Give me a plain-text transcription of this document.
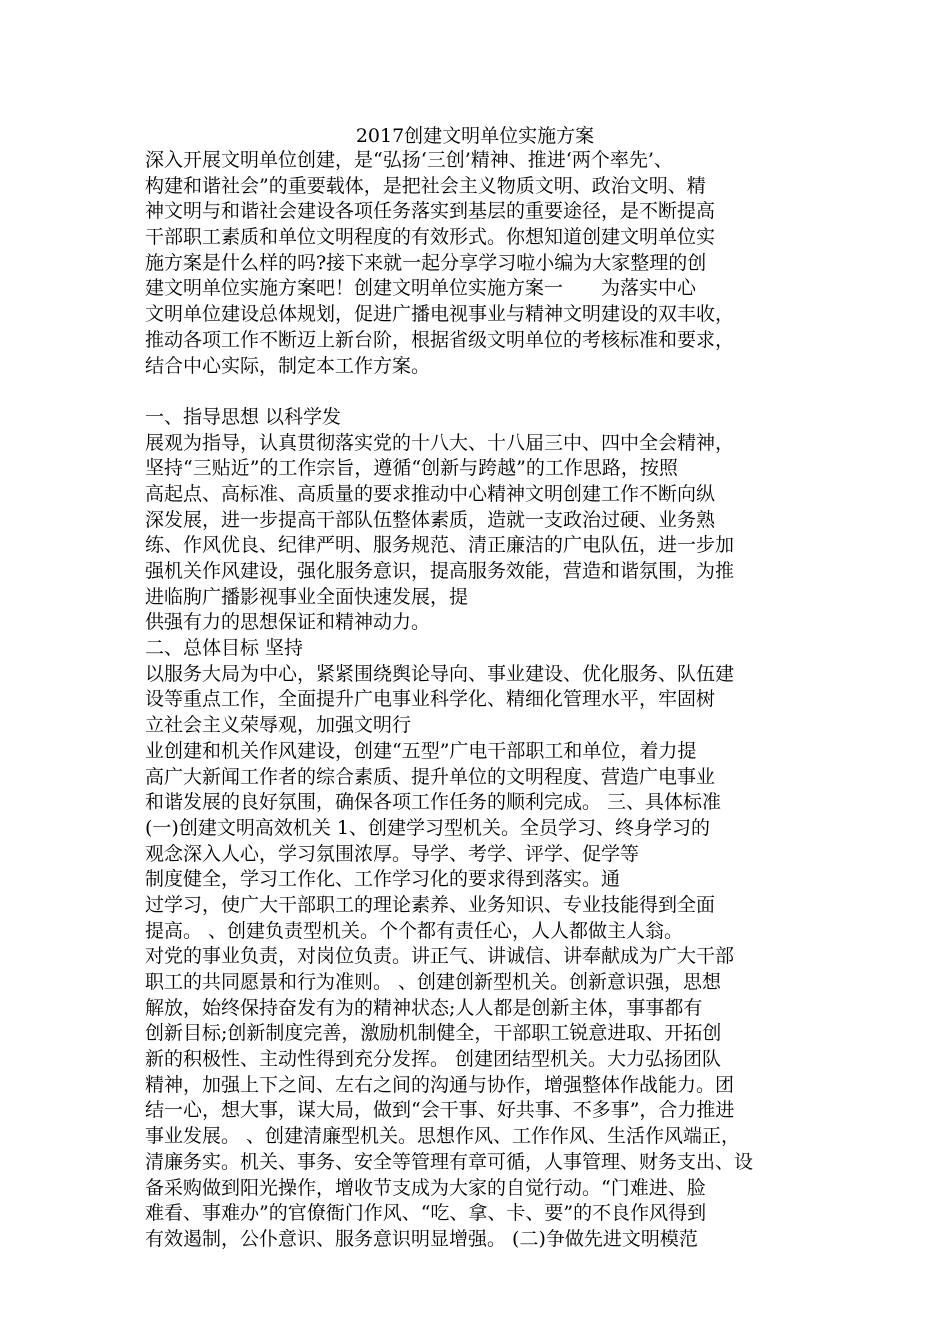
2017创建文明单位实施方案
深入开展文明单位创建，是“弘扬‘三创’精神、推进‘两个率先’、
构建和谐社会”的重要载体，是把社会主义物质文明、政治文明、精
神文明与和谐社会建设各项任务落实到基层的重要途径，是不断提高
干部职工素质和单位文明程度的有效形式。你想知道创建文明单位实
施方案是什么样的吗?接下来就一起分享学习啦小编为大家整理的创
建文明单位实施方案吧！创建文明单位实施方案一　　为落实中心
文明单位建设总体规划，促进广播电视事业与精神文明建设的双丰收，
推动各项工作不断迈上新台阶，根据省级文明单位的考核标准和要求，
结合中心实际，制定本工作方案。
一、指导思想 以科学发
展观为指导，认真贯彻落实党的十八大、十八届三中、四中全会精神，
坚持“三贴近”的工作宗旨，遵循“创新与跨越”的工作思路，按照
高起点、高标准、高质量的要求推动中心精神文明创建工作不断向纵
深发展，进一步提高干部队伍整体素质，造就一支政治过硬、业务熟
练、作风优良、纪律严明、服务规范、清正廉洁的广电队伍，进一步加
强机关作风建设，强化服务意识，提高服务效能，营造和谐氛围，为推
进临朐广播影视事业全面快速发展，提
供强有力的思想保证和精神动力。
二、总体目标 坚持
以服务大局为中心，紧紧围绕舆论导向、事业建设、优化服务、队伍建
设等重点工作，全面提升广电事业科学化、精细化管理水平，牢固树
立社会主义荣辱观，加强文明行
业创建和机关作风建设，创建“五型”广电干部职工和单位，着力提
高广大新闻工作者的综合素质、提升单位的文明程度、营造广电事业
和谐发展的良好氛围，确保各项工作任务的顺利完成。 三、具体标准
(一)创建文明高效机关 1、创建学习型机关。全员学习、终身学习的
观念深入人心，学习氛围浓厚。导学、考学、评学、促学等
制度健全，学习工作化、工作学习化的要求得到落实。通
过学习，使广大干部职工的理论素养、业务知识、专业技能得到全面
提高。 、创建负责型机关。个个都有责任心，人人都做主人翁。
对党的事业负责，对岗位负责。讲正气、讲诚信、讲奉献成为广大干部
职工的共同愿景和行为准则。 、创建创新型机关。创新意识强，思想
解放，始终保持奋发有为的精神状态;人人都是创新主体，事事都有
创新目标;创新制度完善，激励机制健全，干部职工锐意进取、开拓创
新的积极性、主动性得到充分发挥。 创建团结型机关。大力弘扬团队
精神，加强上下之间、左右之间的沟通与协作，增强整体作战能力。团
结一心，想大事，谋大局，做到“会干事、好共事、不多事”，合力推进
事业发展。 、创建清廉型机关。思想作风、工作作风、生活作风端正，
清廉务实。机关、事务、安全等管理有章可循，人事管理、财务支出、设
备采购做到阳光操作，增收节支成为大家的自觉行动。“门难进、脸
难看、事难办”的官僚衙门作风、“吃、拿、卡、要”的不良作风得到
有效遏制，公仆意识、服务意识明显增强。 (二)争做先进文明模范
